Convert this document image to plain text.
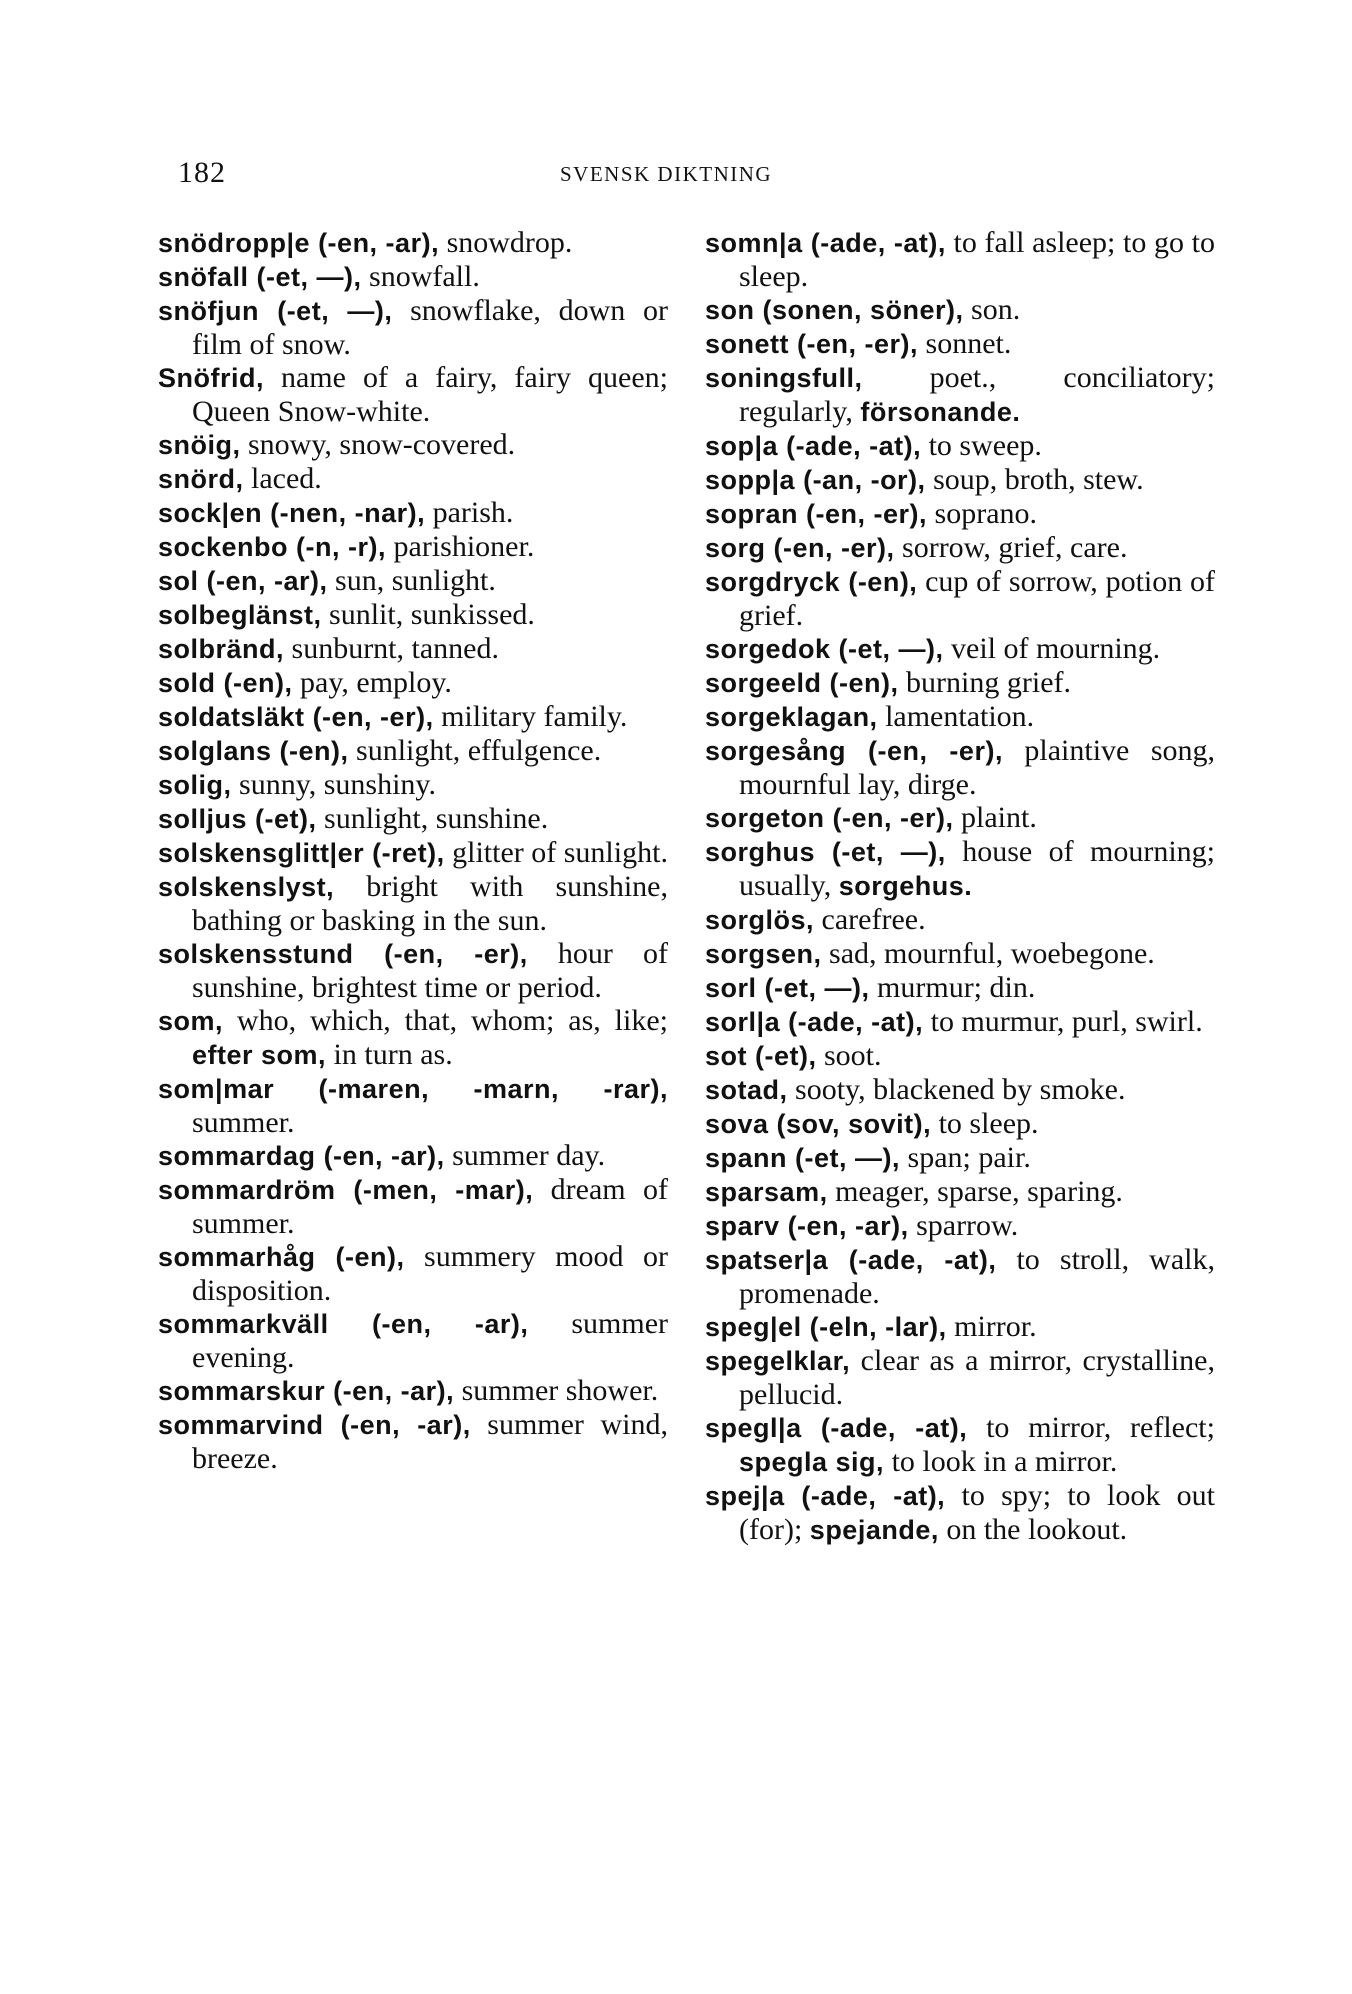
182	SVENSK DIKTNING

snödropp|e (-en, -ar), snowdrop.

snöfall (-et, —), snowfall.

snöfjun (-et, —), snowflake, down or film of snow.

Snöfrid, name of a fairy, fairy queen; Queen Snow-white.

snöig, snowy, snow-covered.

snörd, laced.

sock|en (-nen, -nar), parish.

sockenbo (-n, -r), parishioner.

sol (-en, -ar), sun, sunlight.

solbeglänst, sunlit, sunkissed.

solbränd, sunburnt, tanned.

sold (-en), pay, employ.

soldatsläkt (-en, -er), military family.

solglans (-en), sunlight, effulgence.

solig, sunny, sunshiny.

solljus (-et), sunlight, sunshine.

solskensglitt|er (-ret), glitter of sunlight.

solskenslyst, bright with sunshine, bathing or basking in the sun.

solskensstund (-en, -er), hour of sunshine, brightest time or period.

som, who, which, that, whom; as, like; efter som, in turn as.

som|mar (-maren, -marn, -rar), summer.

sommardag (-en, -ar), summer day.

sommardröm (-men, -mar), dream of summer.

sommarhåg (-en), summery mood or disposition.

sommarkväll (-en, -ar), summer evening.

sommarskur (-en, -ar), summer shower.

sommarvind (-en, -ar), summer wind, breeze.

somn|a (-ade, -at), to fall asleep; to go to sleep.

son (sonen, söner), son.

sonett (-en, -er), sonnet.

soningsfull, poet., conciliatory; regularly, försonande.

sop|a (-ade, -at), to sweep.

sopp|a (-an, -or), soup, broth, stew.

sopran (-en, -er), soprano.

sorg (-en, -er), sorrow, grief, care.

sorgdryck (-en), cup of sorrow, potion of grief.

sorgedok (-et, —), veil of mourning.

sorgeeld (-en), burning grief.

sorgeklagan, lamentation.

sorgesång (-en, -er), plaintive song, mournful lay, dirge.

sorgeton (-en, -er), plaint.

sorghus (-et, —), house of mourning; usually, sorgehus.

sorglös, carefree.

sorgsen, sad, mournful, woebegone.

sorl (-et, —), murmur; din.

sorl|a (-ade, -at), to murmur, purl, swirl.

sot (-et), soot.

sotad, sooty, blackened by smoke.

sova (sov, sovit), to sleep.

spann (-et, —), span; pair.

sparsam, meager, sparse, sparing.

sparv (-en, -ar), sparrow.

spatser|a (-ade, -at), to stroll, walk, promenade.

speg|el (-eln, -lar), mirror.

spegelklar, clear as a mirror, crystalline, pellucid.

spegl|a (-ade, -at), to mirror, reflect; spegla sig, to look in a mirror.

spej|a (-ade, -at), to spy; to look out (for); spejande, on the lookout.
